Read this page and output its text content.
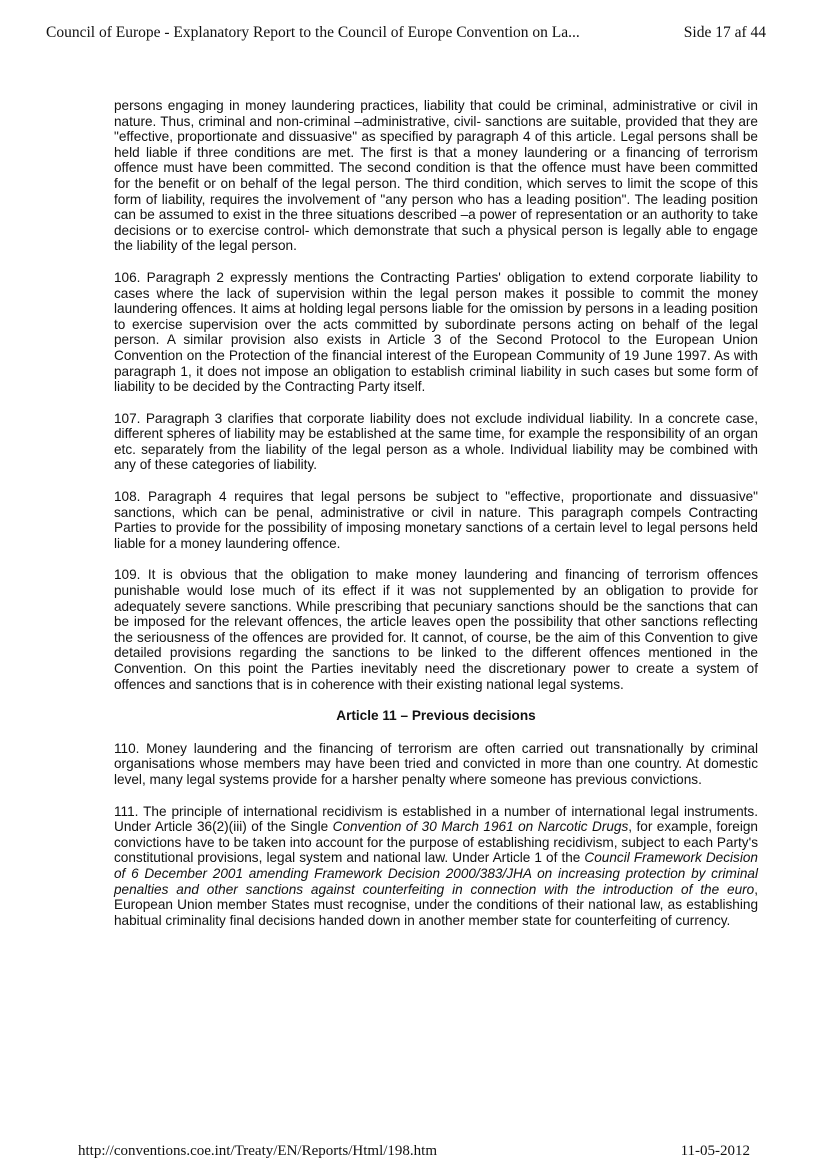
Council of Europe - Explanatory Report to the Council of Europe Convention on La...	Side 17 af 44

persons engaging in money laundering practices, liability that could be criminal, administrative or civil in nature. Thus, criminal and non-criminal –administrative, civil- sanctions are suitable, provided that they are "effective, proportionate and dissuasive" as specified by paragraph 4 of this article. Legal persons shall be held liable if three conditions are met. The first is that a money laundering or a financing of terrorism offence must have been committed. The second condition is that the offence must have been committed for the benefit or on behalf of the legal person. The third condition, which serves to limit the scope of this form of liability, requires the involvement of "any person who has a leading position". The leading position can be assumed to exist in the three situations described –a power of representation or an authority to take decisions or to exercise control- which demonstrate that such a physical person is legally able to engage the liability of the legal person.

106. Paragraph 2 expressly mentions the Contracting Parties' obligation to extend corporate liability to cases where the lack of supervision within the legal person makes it possible to commit the money laundering offences. It aims at holding legal persons liable for the omission by persons in a leading position to exercise supervision over the acts committed by subordinate persons acting on behalf of the legal person. A similar provision also exists in Article 3 of the Second Protocol to the European Union Convention on the Protection of the financial interest of the European Community of 19 June 1997. As with paragraph 1, it does not impose an obligation to establish criminal liability in such cases but some form of liability to be decided by the Contracting Party itself.

107. Paragraph 3 clarifies that corporate liability does not exclude individual liability. In a concrete case, different spheres of liability may be established at the same time, for example the responsibility of an organ etc. separately from the liability of the legal person as a whole. Individual liability may be combined with any of these categories of liability.

108. Paragraph 4 requires that legal persons be subject to "effective, proportionate and dissuasive" sanctions, which can be penal, administrative or civil in nature. This paragraph compels Contracting Parties to provide for the possibility of imposing monetary sanctions of a certain level to legal persons held liable for a money laundering offence.

109. It is obvious that the obligation to make money laundering and financing of terrorism offences punishable would lose much of its effect if it was not supplemented by an obligation to provide for adequately severe sanctions. While prescribing that pecuniary sanctions should be the sanctions that can be imposed for the relevant offences, the article leaves open the possibility that other sanctions reflecting the seriousness of the offences are provided for. It cannot, of course, be the aim of this Convention to give detailed provisions regarding the sanctions to be linked to the different offences mentioned in the Convention. On this point the Parties inevitably need the discretionary power to create a system of offences and sanctions that is in coherence with their existing national legal systems.

Article 11 – Previous decisions

110. Money laundering and the financing of terrorism are often carried out transnationally by criminal organisations whose members may have been tried and convicted in more than one country. At domestic level, many legal systems provide for a harsher penalty where someone has previous convictions.

111. The principle of international recidivism is established in a number of international legal instruments. Under Article 36(2)(iii) of the Single Convention of 30 March 1961 on Narcotic Drugs, for example, foreign convictions have to be taken into account for the purpose of establishing recidivism, subject to each Party's constitutional provisions, legal system and national law. Under Article 1 of the Council Framework Decision of 6 December 2001 amending Framework Decision 2000/383/JHA on increasing protection by criminal penalties and other sanctions against counterfeiting in connection with the introduction of the euro, European Union member States must recognise, under the conditions of their national law, as establishing habitual criminality final decisions handed down in another member state for counterfeiting of currency.

http://conventions.coe.int/Treaty/EN/Reports/Html/198.htm	11-05-2012
